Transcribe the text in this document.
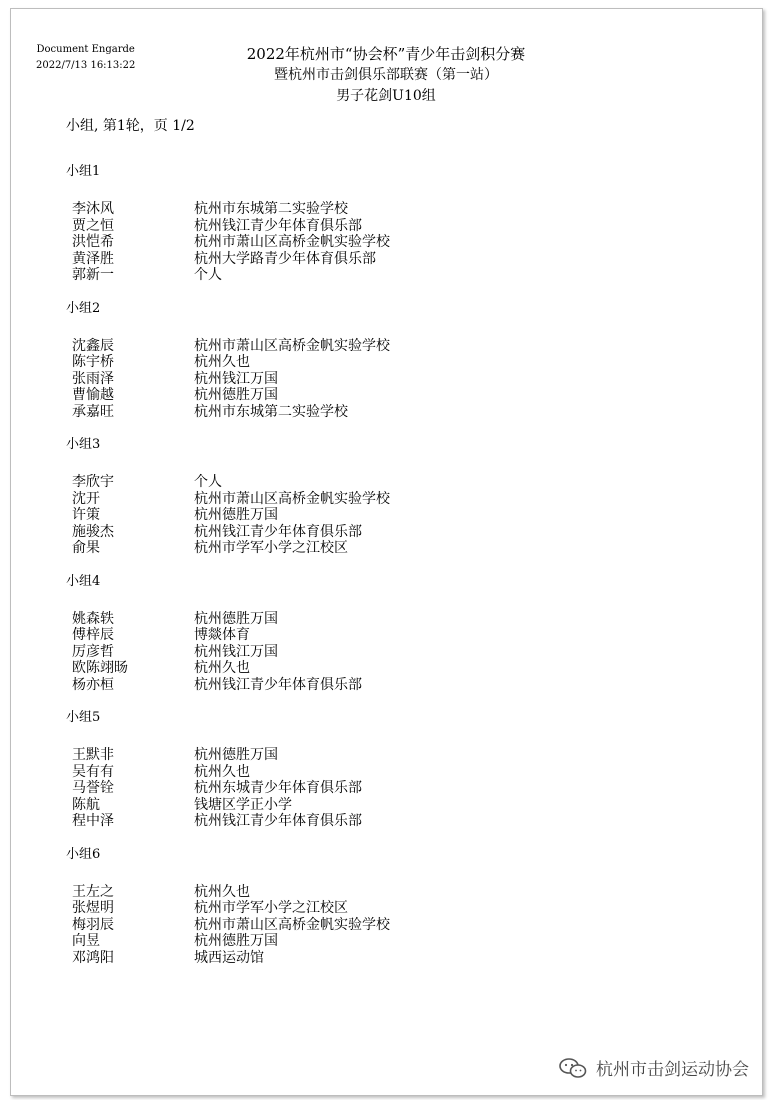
Document Engarde
2022/7/13 16:13:22
2022年杭州市“协会杯”青少年击剑积分赛
暨杭州市击剑俱乐部联赛（第一站）
男子花剑U10组
小组, 第1轮，页 1/2
小组1
李沐风	杭州市东城第二实验学校
贾之恒	杭州钱江青少年体育俱乐部
洪恺希	杭州市萧山区高桥金帆实验学校
黄泽胜	杭州大学路青少年体育俱乐部
郭新一	个人
小组2
沈鑫辰	杭州市萧山区高桥金帆实验学校
陈宇桥	杭州久也
张雨泽	杭州钱江万国
曹愉越	杭州德胜万国
承嘉旺	杭州市东城第二实验学校
小组3
李欣宇	个人
沈开	杭州市萧山区高桥金帆实验学校
许策	杭州德胜万国
施骏杰	杭州钱江青少年体育俱乐部
俞果	杭州市学军小学之江校区
小组4
姚森轶	杭州德胜万国
傅梓辰	博燚体育
厉彦哲	杭州钱江万国
欧陈翊旸	杭州久也
杨亦桓	杭州钱江青少年体育俱乐部
小组5
王默非	杭州德胜万国
吴有有	杭州久也
马誉铨	杭州东城青少年体育俱乐部
陈航	钱塘区学正小学
程中泽	杭州钱江青少年体育俱乐部
小组6
王左之	杭州久也
张煜明	杭州市学军小学之江校区
梅羽辰	杭州市萧山区高桥金帆实验学校
向昱	杭州德胜万国
邓鸿阳	城西运动馆
杭州市击剑运动协会
